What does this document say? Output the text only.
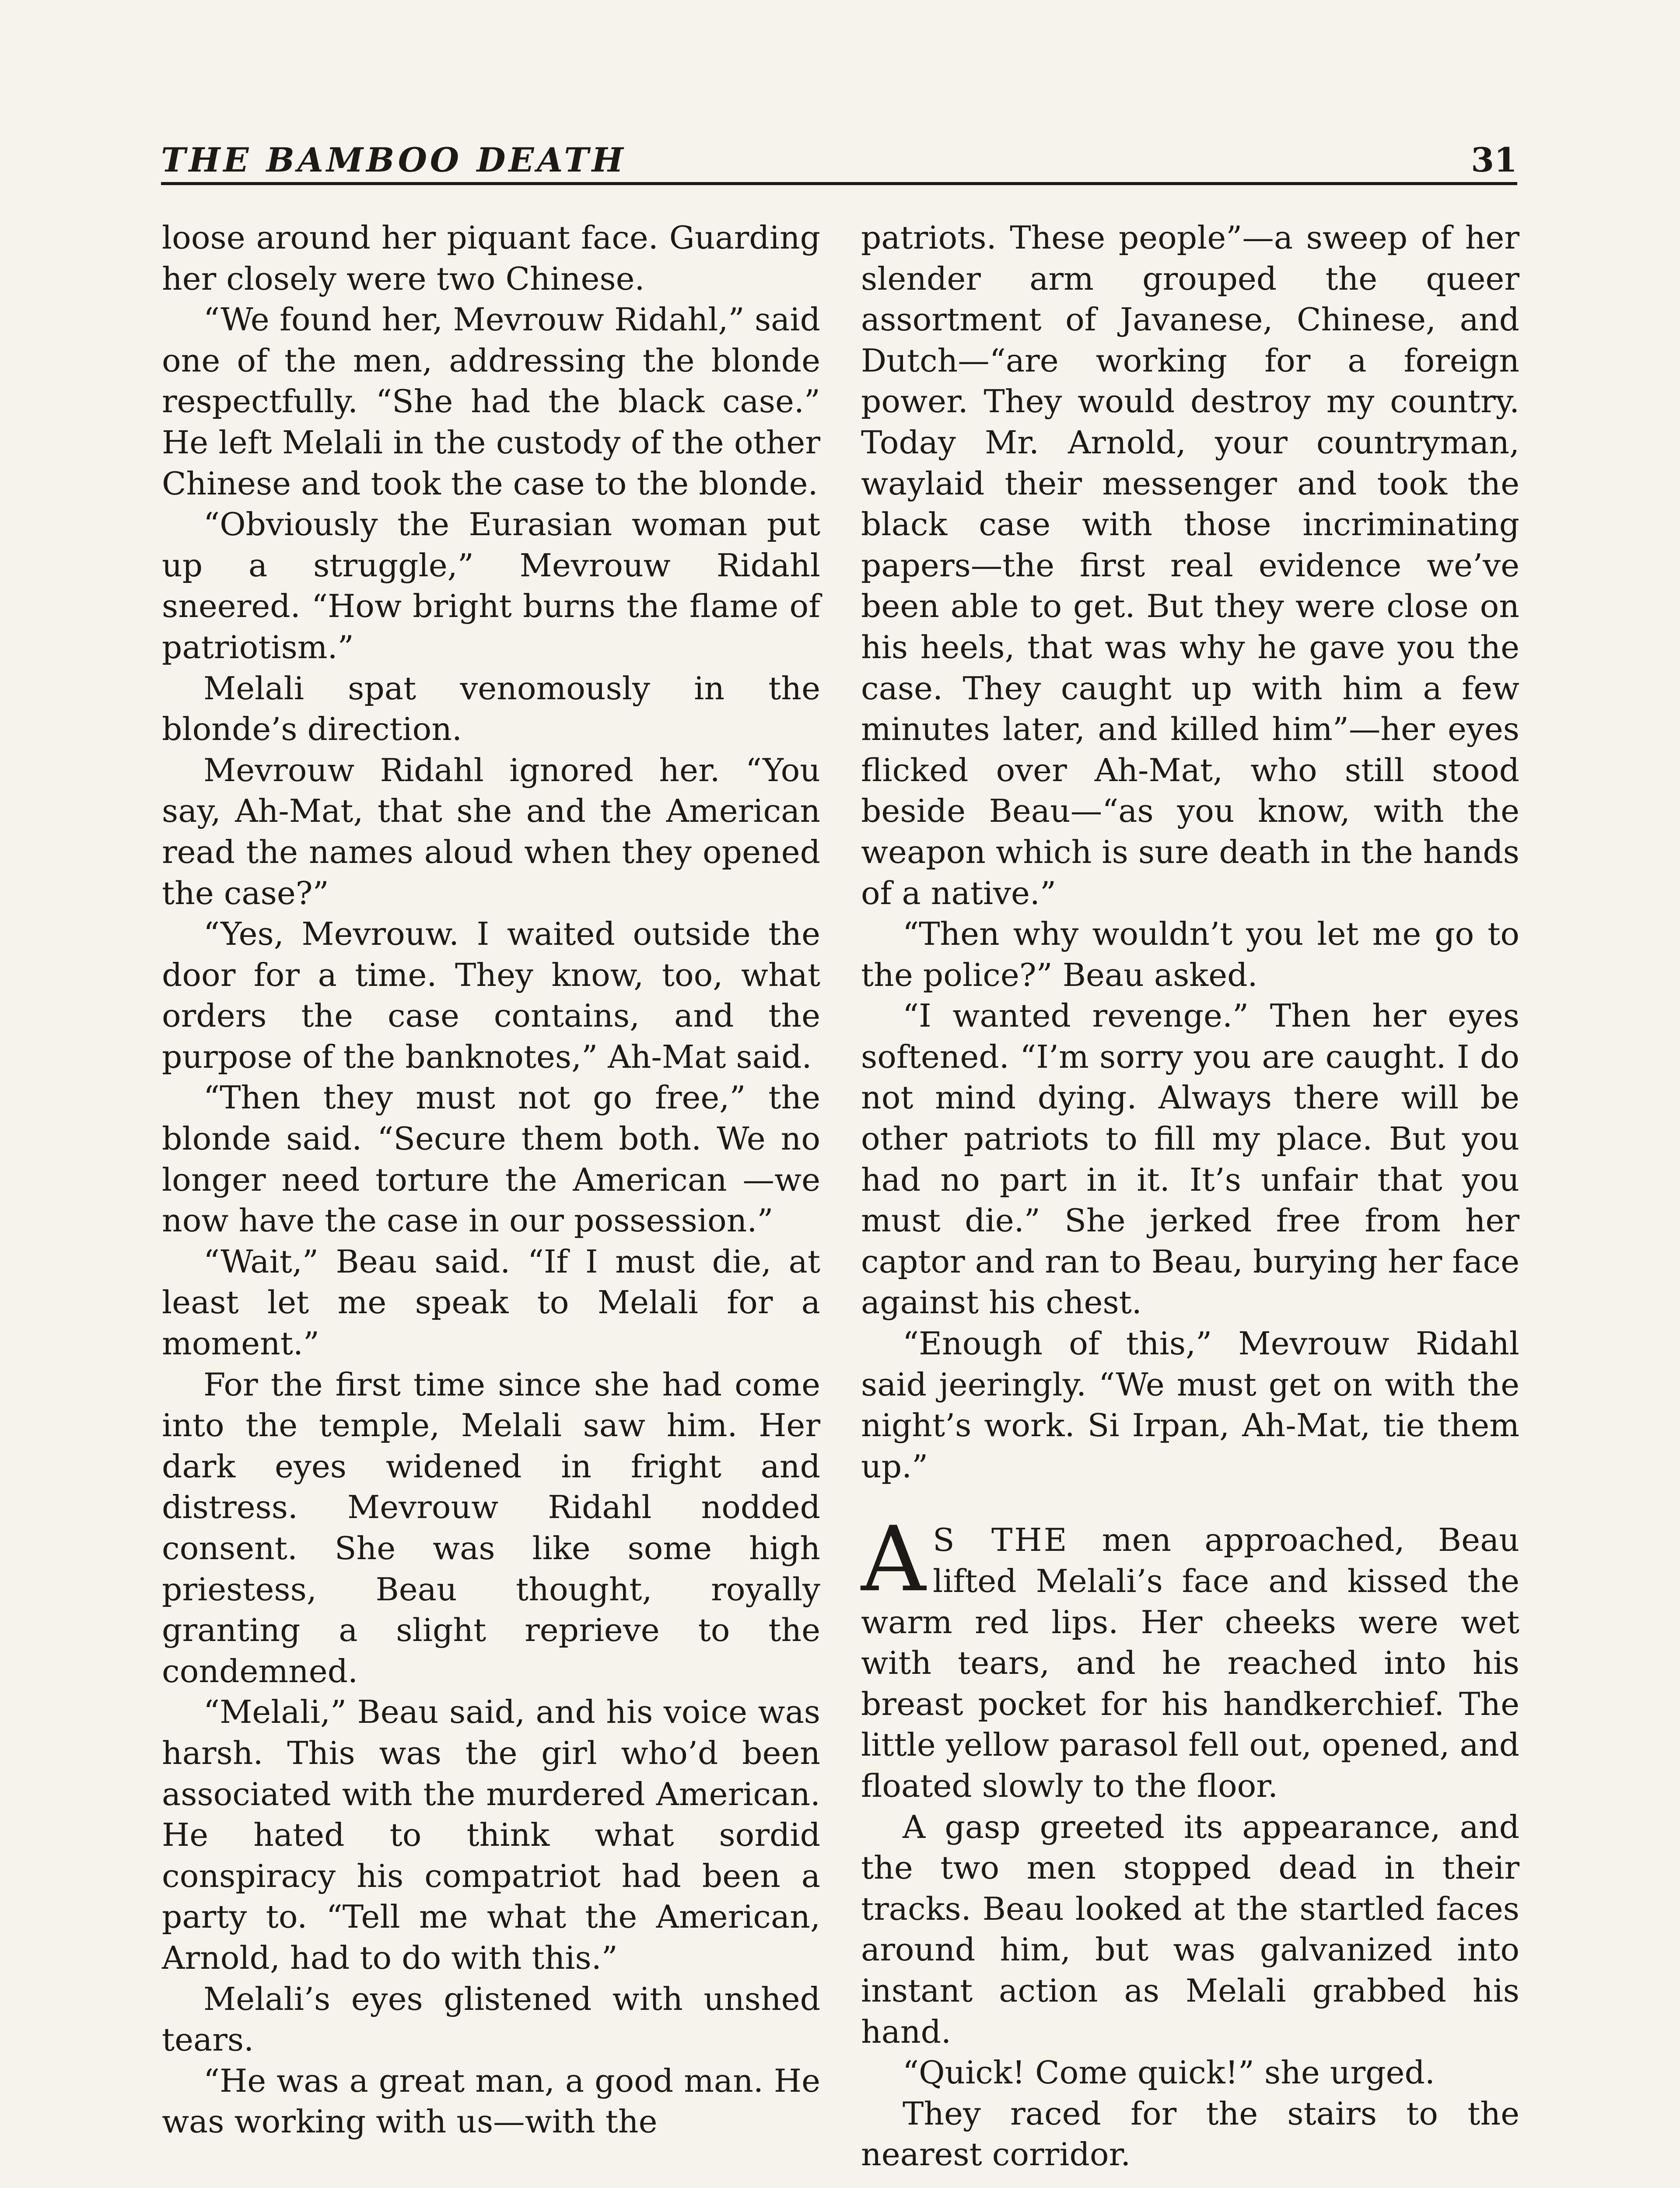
THE BAMBOO DEATH	31

loose around her piquant face. Guarding her closely were two Chinese.

“We found her, Mevrouw Ridahl,” said one of the men, addressing the blonde respectfully. “She had the black case.” He left Melali in the custody of the other Chinese and took the case to the blonde.

“Obviously the Eurasian woman put up a struggle,” Mevrouw Ridahl sneered. “How bright burns the flame of patriotism.”

Melali spat venomously in the blonde’s direction.

Mevrouw Ridahl ignored her. “You say, Ah-Mat, that she and the American read the names aloud when they opened the case?”

“Yes, Mevrouw. I waited outside the door for a time. They know, too, what orders the case contains, and the purpose of the banknotes,” Ah-Mat said.

“Then they must not go free,” the blonde said. “Secure them both. We no longer need torture the American —we now have the case in our possession.”

“Wait,” Beau said. “If I must die, at least let me speak to Melali for a moment.”

For the first time since she had come into the temple, Melali saw him. Her dark eyes widened in fright and distress. Mevrouw Ridahl nodded consent. She was like some high priestess, Beau thought, royally granting a slight reprieve to the condemned.

“Melali,” Beau said, and his voice was harsh. This was the girl who’d been associated with the murdered American. He hated to think what sordid conspiracy his compatriot had been a party to. “Tell me what the American, Arnold, had to do with this.”

Melali’s eyes glistened with unshed tears.

“He was a great man, a good man. He was working with us—with the

patriots. These people”—a sweep of her slender arm grouped the queer assortment of Javanese, Chinese, and Dutch—“are working for a foreign power. They would destroy my country. Today Mr. Arnold, your countryman, waylaid their messenger and took the black case with those incriminating papers—the first real evidence we’ve been able to get. But they were close on his heels, that was why he gave you the case. They caught up with him a few minutes later, and killed him”—her eyes flicked over Ah-Mat, who still stood beside Beau—“as you know, with the weapon which is sure death in the hands of a native.”

“Then why wouldn’t you let me go to the police?” Beau asked.

“I wanted revenge.” Then her eyes softened. “I’m sorry you are caught. I do not mind dying. Always there will be other patriots to fill my place. But you had no part in it. It’s unfair that you must die.” She jerked free from her captor and ran to Beau, burying her face against his chest.

“Enough of this,” Mevrouw Ridahl said jeeringly. “We must get on with the night’s work. Si Irpan, Ah-Mat, tie them up.”

A S THE men approached, Beau lifted Melali’s face and kissed the warm red lips. Her cheeks were wet with tears, and he reached into his breast pocket for his handkerchief. The little yellow parasol fell out, opened, and floated slowly to the floor.

A gasp greeted its appearance, and the two men stopped dead in their tracks. Beau looked at the startled faces around him, but was galvanized into instant action as Melali grabbed his hand.

“Quick! Come quick!” she urged.

They raced for the stairs to the nearest corridor.
